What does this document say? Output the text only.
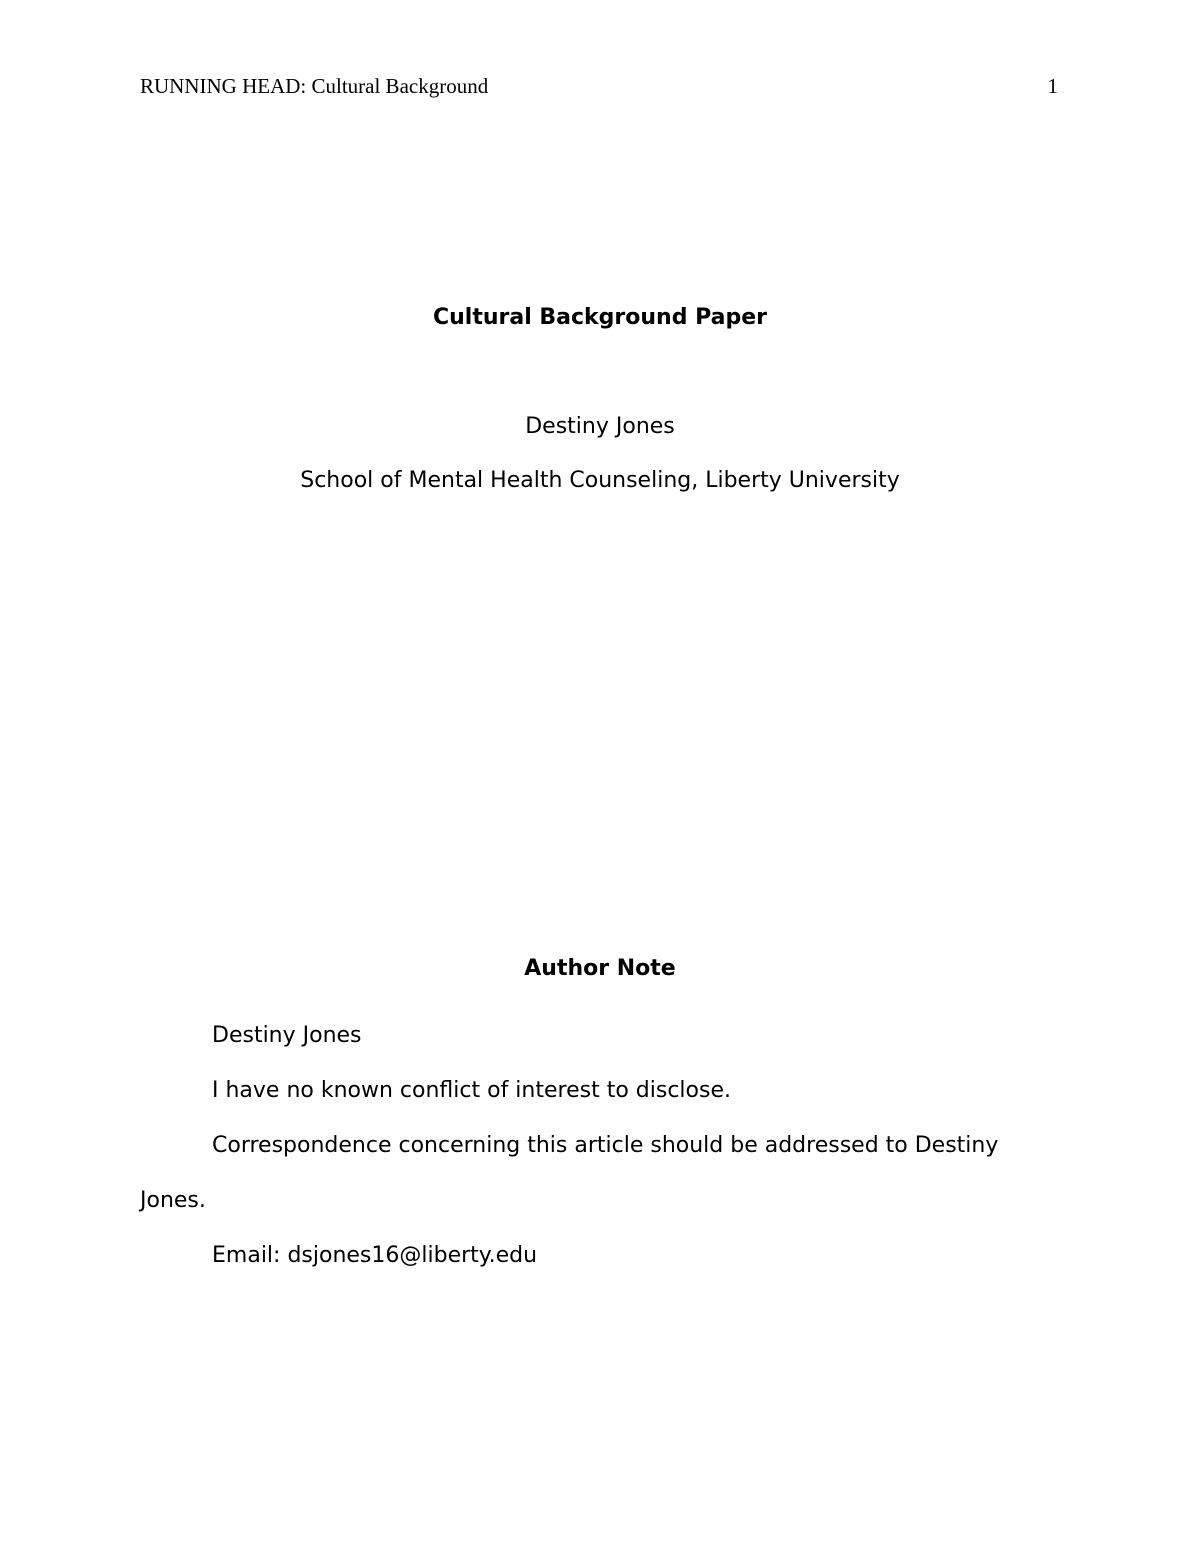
RUNNING HEAD: Cultural Background	1
Cultural Background Paper
Destiny Jones
School of Mental Health Counseling, Liberty University
Author Note

Destiny Jones

I have no known conflict of interest to disclose.

Correspondence concerning this article should be addressed to Destiny Jones.

Email: dsjones16@liberty.edu
